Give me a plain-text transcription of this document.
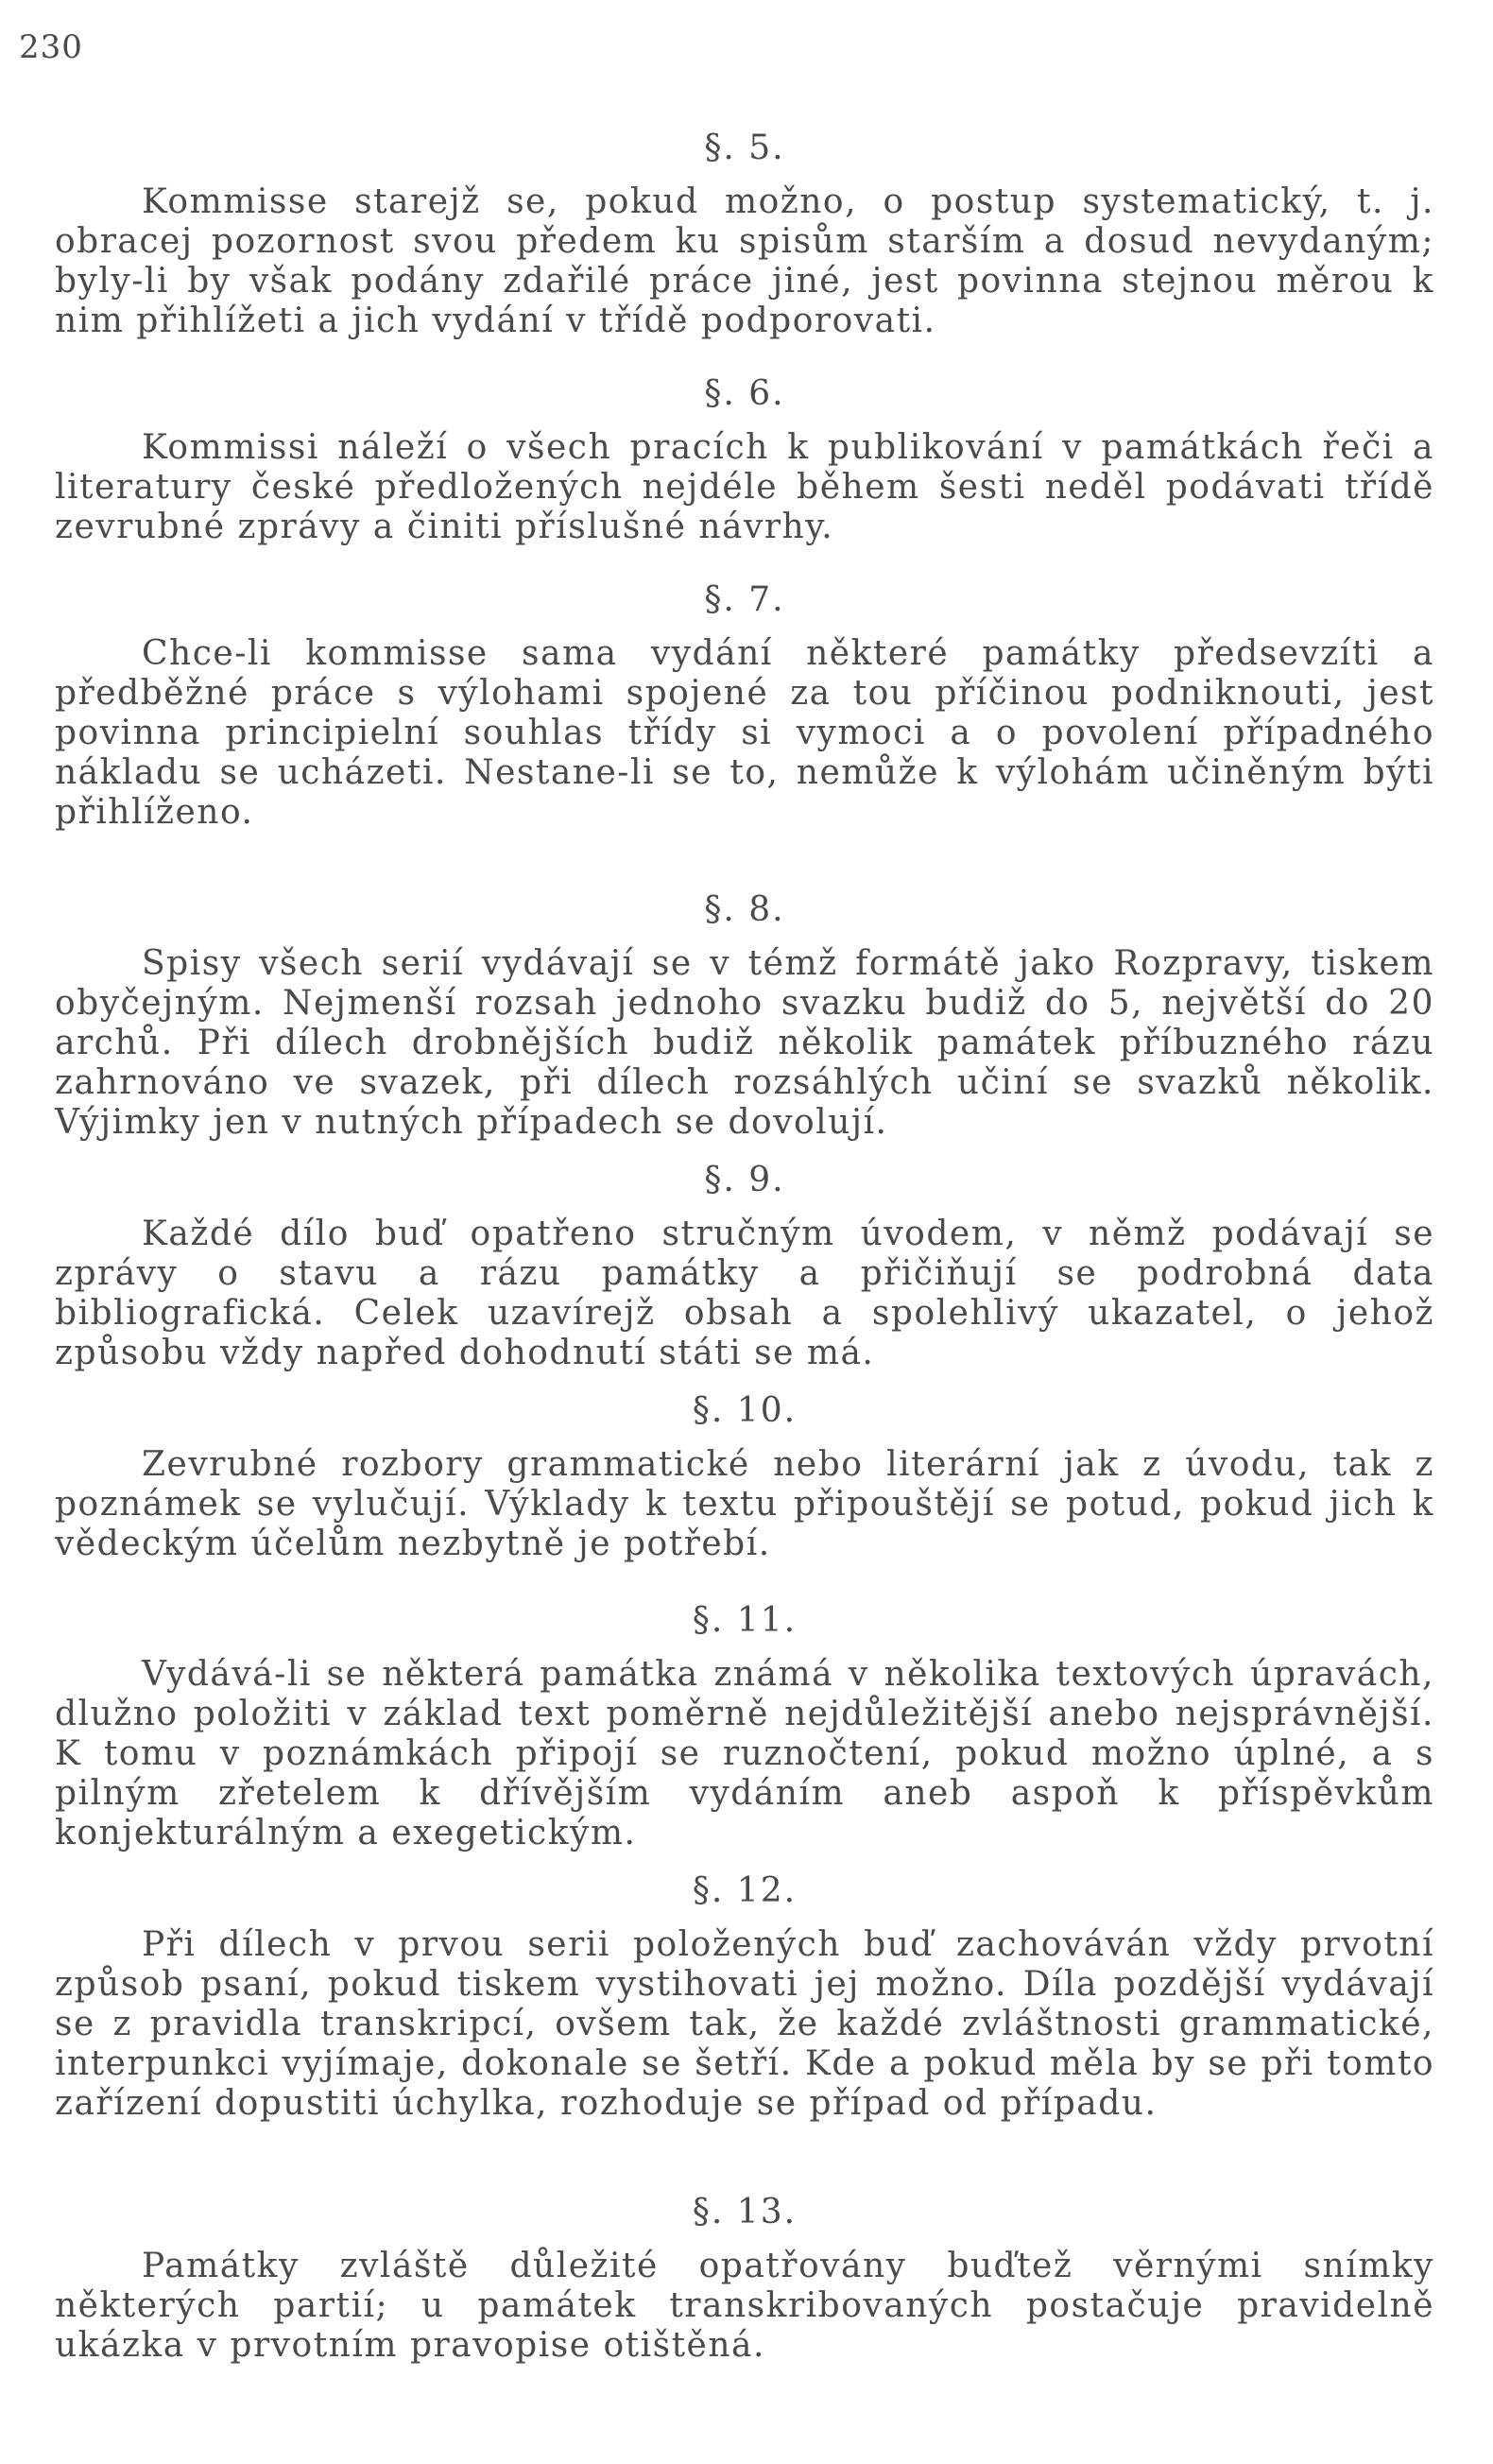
230
§. 5.

Kommisse starejž se, pokud možno, o postup systematický, t. j. obracej pozornost svou předem ku spisům starším a dosud nevydaným; byly-li by však podány zdařilé práce jiné, jest povinna stejnou měrou k nim přihlížeti a jich vydání v třídě podporovati.

§. 6.

Kommissi náleží o všech pracích k publikování v památkách řeči a literatury české předložených nejdéle během šesti neděl podávati třídě zevrubné zprávy a činiti příslušné návrhy.

§. 7.

Chce-li kommisse sama vydání některé památky předsevzíti a předběžné práce s výlohami spojené za tou příčinou podniknouti, jest povinna principielní souhlas třídy si vymoci a o povolení případného nákladu se ucházeti. Nestane-li se to, nemůže k výlohám učiněným býti přihlíženo.

§. 8.

Spisy všech serií vydávají se v témž formátě jako Rozpravy, tiskem obyčejným. Nejmenší rozsah jednoho svazku budiž do 5, největší do 20 archů. Při dílech drobnějších budiž několik památek příbuzného rázu zahrnováno ve svazek, při dílech rozsáhlých učiní se svazků několik. Výjimky jen v nutných případech se dovolují.

§. 9.

Každé dílo buď opatřeno stručným úvodem, v němž podávají se zprávy o stavu a rázu památky a přičiňují se podrobná data bibliografická. Celek uzavírejž obsah a spolehlivý ukazatel, o jehož způsobu vždy napřed dohodnutí státi se má.

§. 10.

Zevrubné rozbory grammatické nebo literární jak z úvodu, tak z poznámek se vylučují. Výklady k textu připouštějí se potud, pokud jich k vědeckým účelům nezbytně je potřebí.

§. 11.

Vydává-li se některá památka známá v několika textových úpravách, dlužno položiti v základ text poměrně nejdůležitější anebo nejsprávnější. K tomu v poznámkách připojí se ruznočtení, pokud možno úplné, a s pilným zřetelem k dřívějším vydáním aneb aspoň k příspěvkům konjekturálným a exegetickým.

§. 12.

Při dílech v prvou serii položených buď zachováván vždy prvotní způsob psaní, pokud tiskem vystihovati jej možno. Díla pozdější vydávají se z pravidla transkripcí, ovšem tak, že každé zvláštnosti grammatické, interpunkci vyjímaje, dokonale se šetří. Kde a pokud měla by se při tomto zařízení dopustiti úchylka, rozhoduje se případ od případu.

§. 13.

Památky zvláště důležité opatřovány buďtež věrnými snímky některých partií; u památek transkribovaných postačuje pravidelně ukázka v prvotním pravopise otištěná.
